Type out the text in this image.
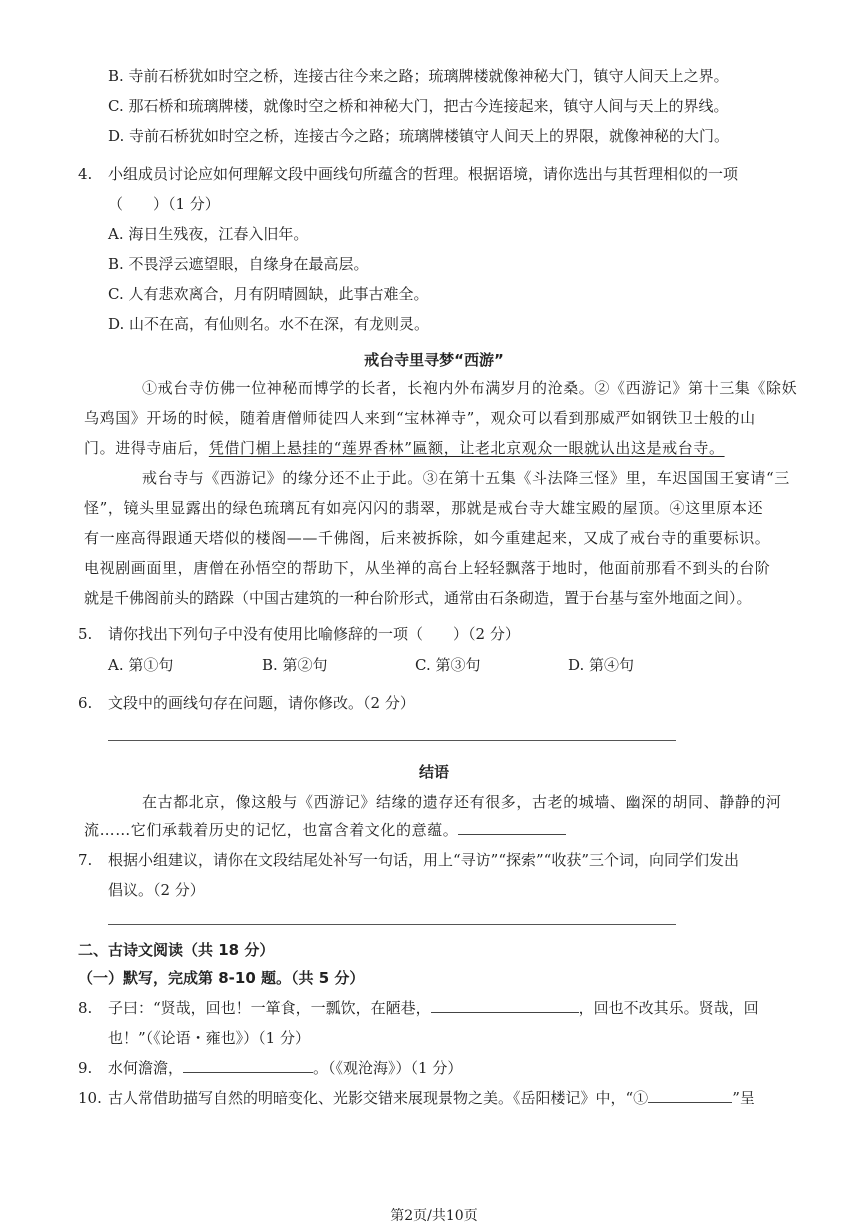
B. 寺前石桥犹如时空之桥，连接古往今来之路；琉璃牌楼就像神秘大门，镇守人间天上之界。
C. 那石桥和琉璃牌楼，就像时空之桥和神秘大门，把古今连接起来，镇守人间与天上的界线。
D. 寺前石桥犹如时空之桥，连接古今之路；琉璃牌楼镇守人间天上的界限，就像神秘的大门。
4. 小组成员讨论应如何理解文段中画线句所蕴含的哲理。根据语境，请你选出与其哲理相似的一项
（　　）（1 分）
A. 海日生残夜，江春入旧年。
B. 不畏浮云遮望眼，自缘身在最高层。
C. 人有悲欢离合，月有阴晴圆缺，此事古难全。
D. 山不在高，有仙则名。水不在深，有龙则灵。
戒台寺里寻梦“西游”
①戒台寺仿佛一位神秘而博学的长者，长袍内外布满岁月的沧桑。②《西游记》第十三集《除妖
乌鸡国》开场的时候，随着唐僧师徒四人来到“宝林禅寺”，观众可以看到那威严如钢铁卫士般的山
门。进得寺庙后，凭借门楣上悬挂的“莲界香林”匾额，让老北京观众一眼就认出这是戒台寺。
戒台寺与《西游记》的缘分还不止于此。③在第十五集《斗法降三怪》里，车迟国国王宴请“三
怪”，镜头里显露出的绿色琉璃瓦有如亮闪闪的翡翠，那就是戒台寺大雄宝殿的屋顶。④这里原本还
有一座高得跟通天塔似的楼阁——千佛阁，后来被拆除，如今重建起来，又成了戒台寺的重要标识。
电视剧画面里，唐僧在孙悟空的帮助下，从坐禅的高台上轻轻飘落于地时，他面前那看不到头的台阶
就是千佛阁前头的踏跺（中国古建筑的一种台阶形式，通常由石条砌造，置于台基与室外地面之间）。
5. 请你找出下列句子中没有使用比喻修辞的一项（　　）（2 分）
A. 第①句	B. 第②句	C. 第③句	D. 第④句
6. 文段中的画线句存在问题，请你修改。（2 分）
结语
在古都北京，像这般与《西游记》结缘的遗存还有很多，古老的城墙、幽深的胡同、静静的河
流……它们承载着历史的记忆，也富含着文化的意蕴。
7. 根据小组建议，请你在文段结尾处补写一句话，用上“寻访”“探索”“收获”三个词，向同学们发出
倡议。（2 分）
二、古诗文阅读（共 18 分）
（一）默写，完成第 8-10 题。（共 5 分）
8. 子曰：“贤哉，回也！一箪食，一瓢饮，在陋巷，	，回也不改其乐。贤哉，回
也！”（《论语・雍也》）（1 分）
9. 水何澹澹，	。（《观沧海》）（1 分）
10. 古人常借助描写自然的明暗变化、光影交错来展现景物之美。《岳阳楼记》中，“①	”呈
第2页/共10页
